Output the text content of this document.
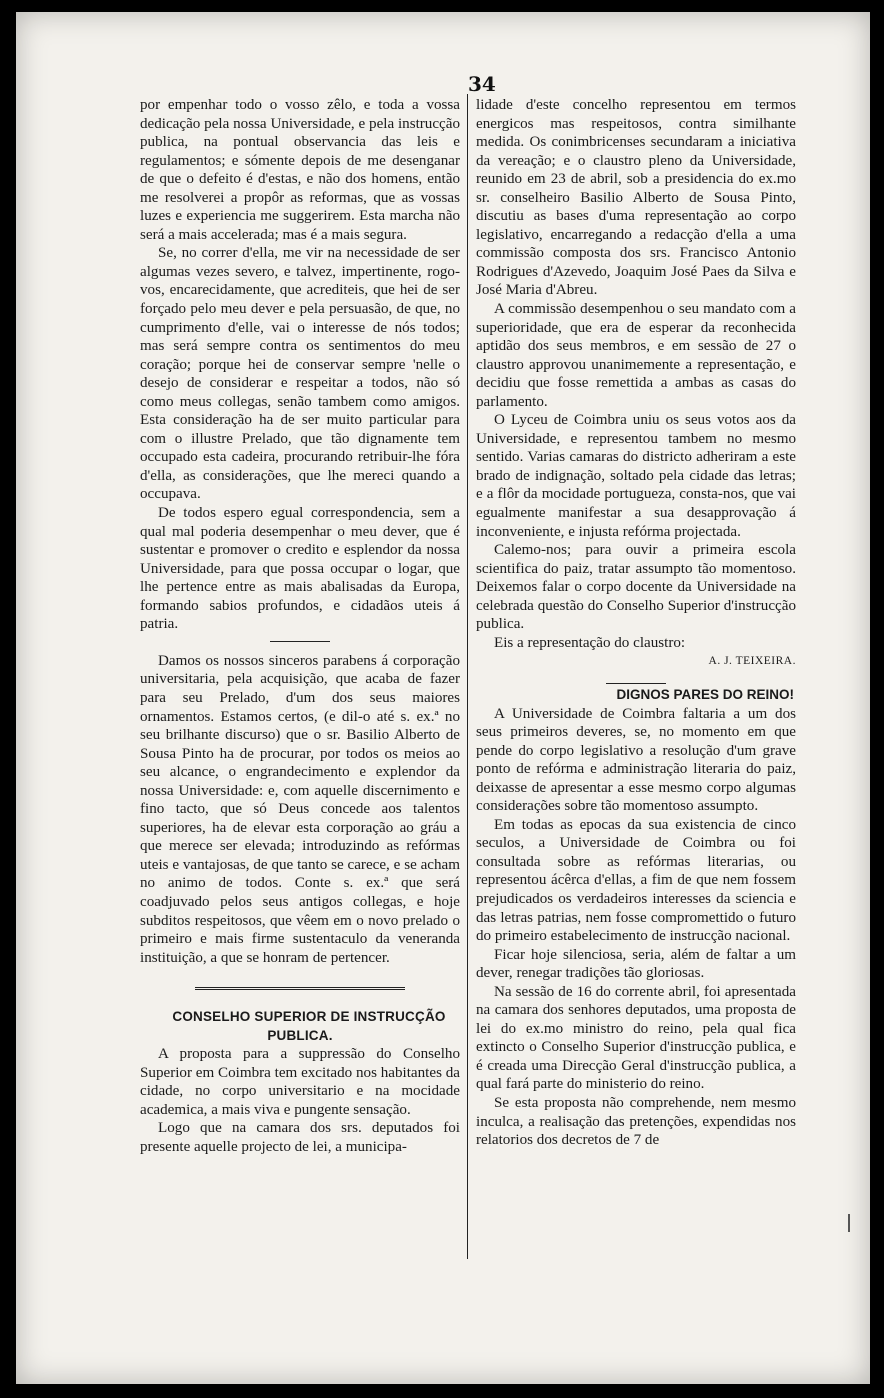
34

por empenhar todo o vosso zêlo, e toda a vossa dedicação pela nossa Universidade, e pela instrucção publica, na pontual observancia das leis e regulamentos; e sómente depois de me desenganar de que o defeito é d'estas, e não dos homens, então me resolverei a propôr as reformas, que as vossas luzes e experiencia me suggerirem. Esta marcha não será a mais accelerada; mas é a mais segura.

Se, no correr d'ella, me vir na necessidade de ser algumas vezes severo, e talvez, impertinente, rogo-vos, encarecidamente, que acrediteis, que hei de ser forçado pelo meu dever e pela persuasão, de que, no cumprimento d'elle, vai o interesse de nós todos; mas será sempre contra os sentimentos do meu coração; porque hei de conservar sempre 'nelle o desejo de considerar e respeitar a todos, não só como meus collegas, senão tambem como amigos. Esta consideração ha de ser muito particular para com o illustre Prelado, que tão dignamente tem occupado esta cadeira, procurando retribuir-lhe fóra d'ella, as considerações, que lhe mereci quando a occupava.

De todos espero egual correspondencia, sem a qual mal poderia desempenhar o meu dever, que é sustentar e promover o credito e esplendor da nossa Universidade, para que possa occupar o logar, que lhe pertence entre as mais abalisadas da Europa, formando sabios profundos, e cidadãos uteis á patria.

Damos os nossos sinceros parabens á corporação universitaria, pela acquisição, que acaba de fazer para seu Prelado, d'um dos seus maiores ornamentos. Estamos certos, (e dil-o até s. ex.ª no seu brilhante discurso) que o sr. Basilio Alberto de Sousa Pinto ha de procurar, por todos os meios ao seu alcance, o engrandecimento e explendor da nossa Universidade: e, com aquelle discernimento e fino tacto, que só Deus concede aos talentos superiores, ha de elevar esta corporação ao gráu a que merece ser elevada; introduzindo as refórmas uteis e vantajosas, de que tanto se carece, e se acham no animo de todos. Conte s. ex.ª que será coadjuvado pelos seus antigos collegas, e hoje subditos respeitosos, que vêem em o novo prelado o primeiro e mais firme sustentaculo da veneranda instituição, a que se honram de pertencer.

CONSELHO SUPERIOR DE INSTRUCÇÃO PUBLICA.

A proposta para a suppressão do Conselho Superior em Coimbra tem excitado nos habitantes da cidade, no corpo universitario e na mocidade academica, a mais viva e pungente sensação.

Logo que na camara dos srs. deputados foi presente aquelle projecto de lei, a municipa-

lidade d'este concelho representou em termos energicos mas respeitosos, contra similhante medida. Os conimbricenses secundaram a iniciativa da vereação; e o claustro pleno da Universidade, reunido em 23 de abril, sob a presidencia do ex.mo sr. conselheiro Basilio Alberto de Sousa Pinto, discutiu as bases d'uma representação ao corpo legislativo, encarregando a redacção d'ella a uma commissão composta dos srs. Francisco Antonio Rodrigues d'Azevedo, Joaquim José Paes da Silva e José Maria d'Abreu.

A commissão desempenhou o seu mandato com a superioridade, que era de esperar da reconhecida aptidão dos seus membros, e em sessão de 27 o claustro approvou unanimemente a representação, e decidiu que fosse remettida a ambas as casas do parlamento.

O Lyceu de Coimbra uniu os seus votos aos da Universidade, e representou tambem no mesmo sentido. Varias camaras do districto adheriram a este brado de indignação, soltado pela cidade das letras; e a flôr da mocidade portugueza, consta-nos, que vai egualmente manifestar a sua desapprovação á inconveniente, e injusta refórma projectada.

Calemo-nos; para ouvir a primeira escola scientifica do paiz, tratar assumpto tão momentoso. Deixemos falar o corpo docente da Universidade na celebrada questão do Conselho Superior d'instrucção publica.

Eis a representação do claustro:

A. J. TEIXEIRA.

DIGNOS PARES DO REINO!

A Universidade de Coimbra faltaria a um dos seus primeiros deveres, se, no momento em que pende do corpo legislativo a resolução d'um grave ponto de refórma e administração literaria do paiz, deixasse de apresentar a esse mesmo corpo algumas considerações sobre tão momentoso assumpto.

Em todas as epocas da sua existencia de cinco seculos, a Universidade de Coimbra ou foi consultada sobre as refórmas literarias, ou representou ácêrca d'ellas, a fim de que nem fossem prejudicados os verdadeiros interesses da sciencia e das letras patrias, nem fosse compromettido o futuro do primeiro estabelecimento de instrucção nacional.

Ficar hoje silenciosa, seria, além de faltar a um dever, renegar tradições tão gloriosas.

Na sessão de 16 do corrente abril, foi apresentada na camara dos senhores deputados, uma proposta de lei do ex.mo ministro do reino, pela qual fica extincto o Conselho Superior d'instrucção publica, e é creada uma Direcção Geral d'instrucção publica, a qual fará parte do ministerio do reino.

Se esta proposta não comprehende, nem mesmo inculca, a realisação das pretenções, expendidas nos relatorios dos decretos de 7 de
